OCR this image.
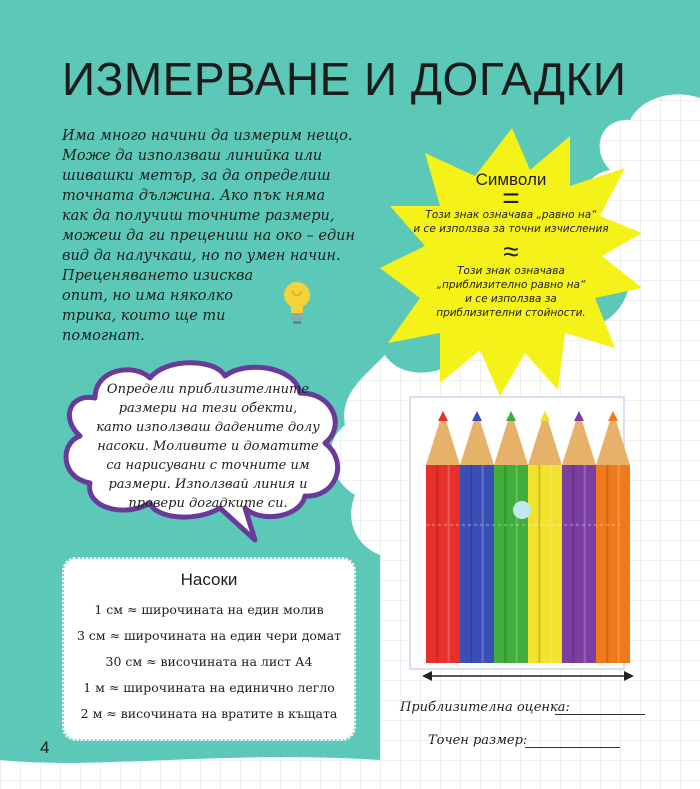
ИЗМЕРВАНЕ И ДОГАДКИ
Има много начини да измерим нещо.
Може да използваш линийка или
шивашки метър, за да определиш
точната дължина. Ако пък няма
как да получиш точните размери,
можеш да ги прецениш на око – един
вид да налучкаш, но по умен начин.
Преценяването изисква
опит, но има няколко
трика, които ще ти
помогнат.
Символи
=
Този знак означава „равно на“
и се използва за точни изчисления
≈
Този знак означава
„приблизително равно на“
и се използва за
приблизителни стойности.
Определи приблизителните
размери на тези обекти,
като използваш дадените долу
насоки. Моливите и доматите
са нарисувани с точните им
размери. Използвай линия и
провери догадките си.
Насоки
1 см ≈ широчината на един молив
3 см ≈ широчината на един чери домат
30 см ≈ височината на лист А4
1 м ≈ широчината на единично легло
2 м ≈ височината на вратите в къщата	Приблизителна оценка:
Точен размер:
4
